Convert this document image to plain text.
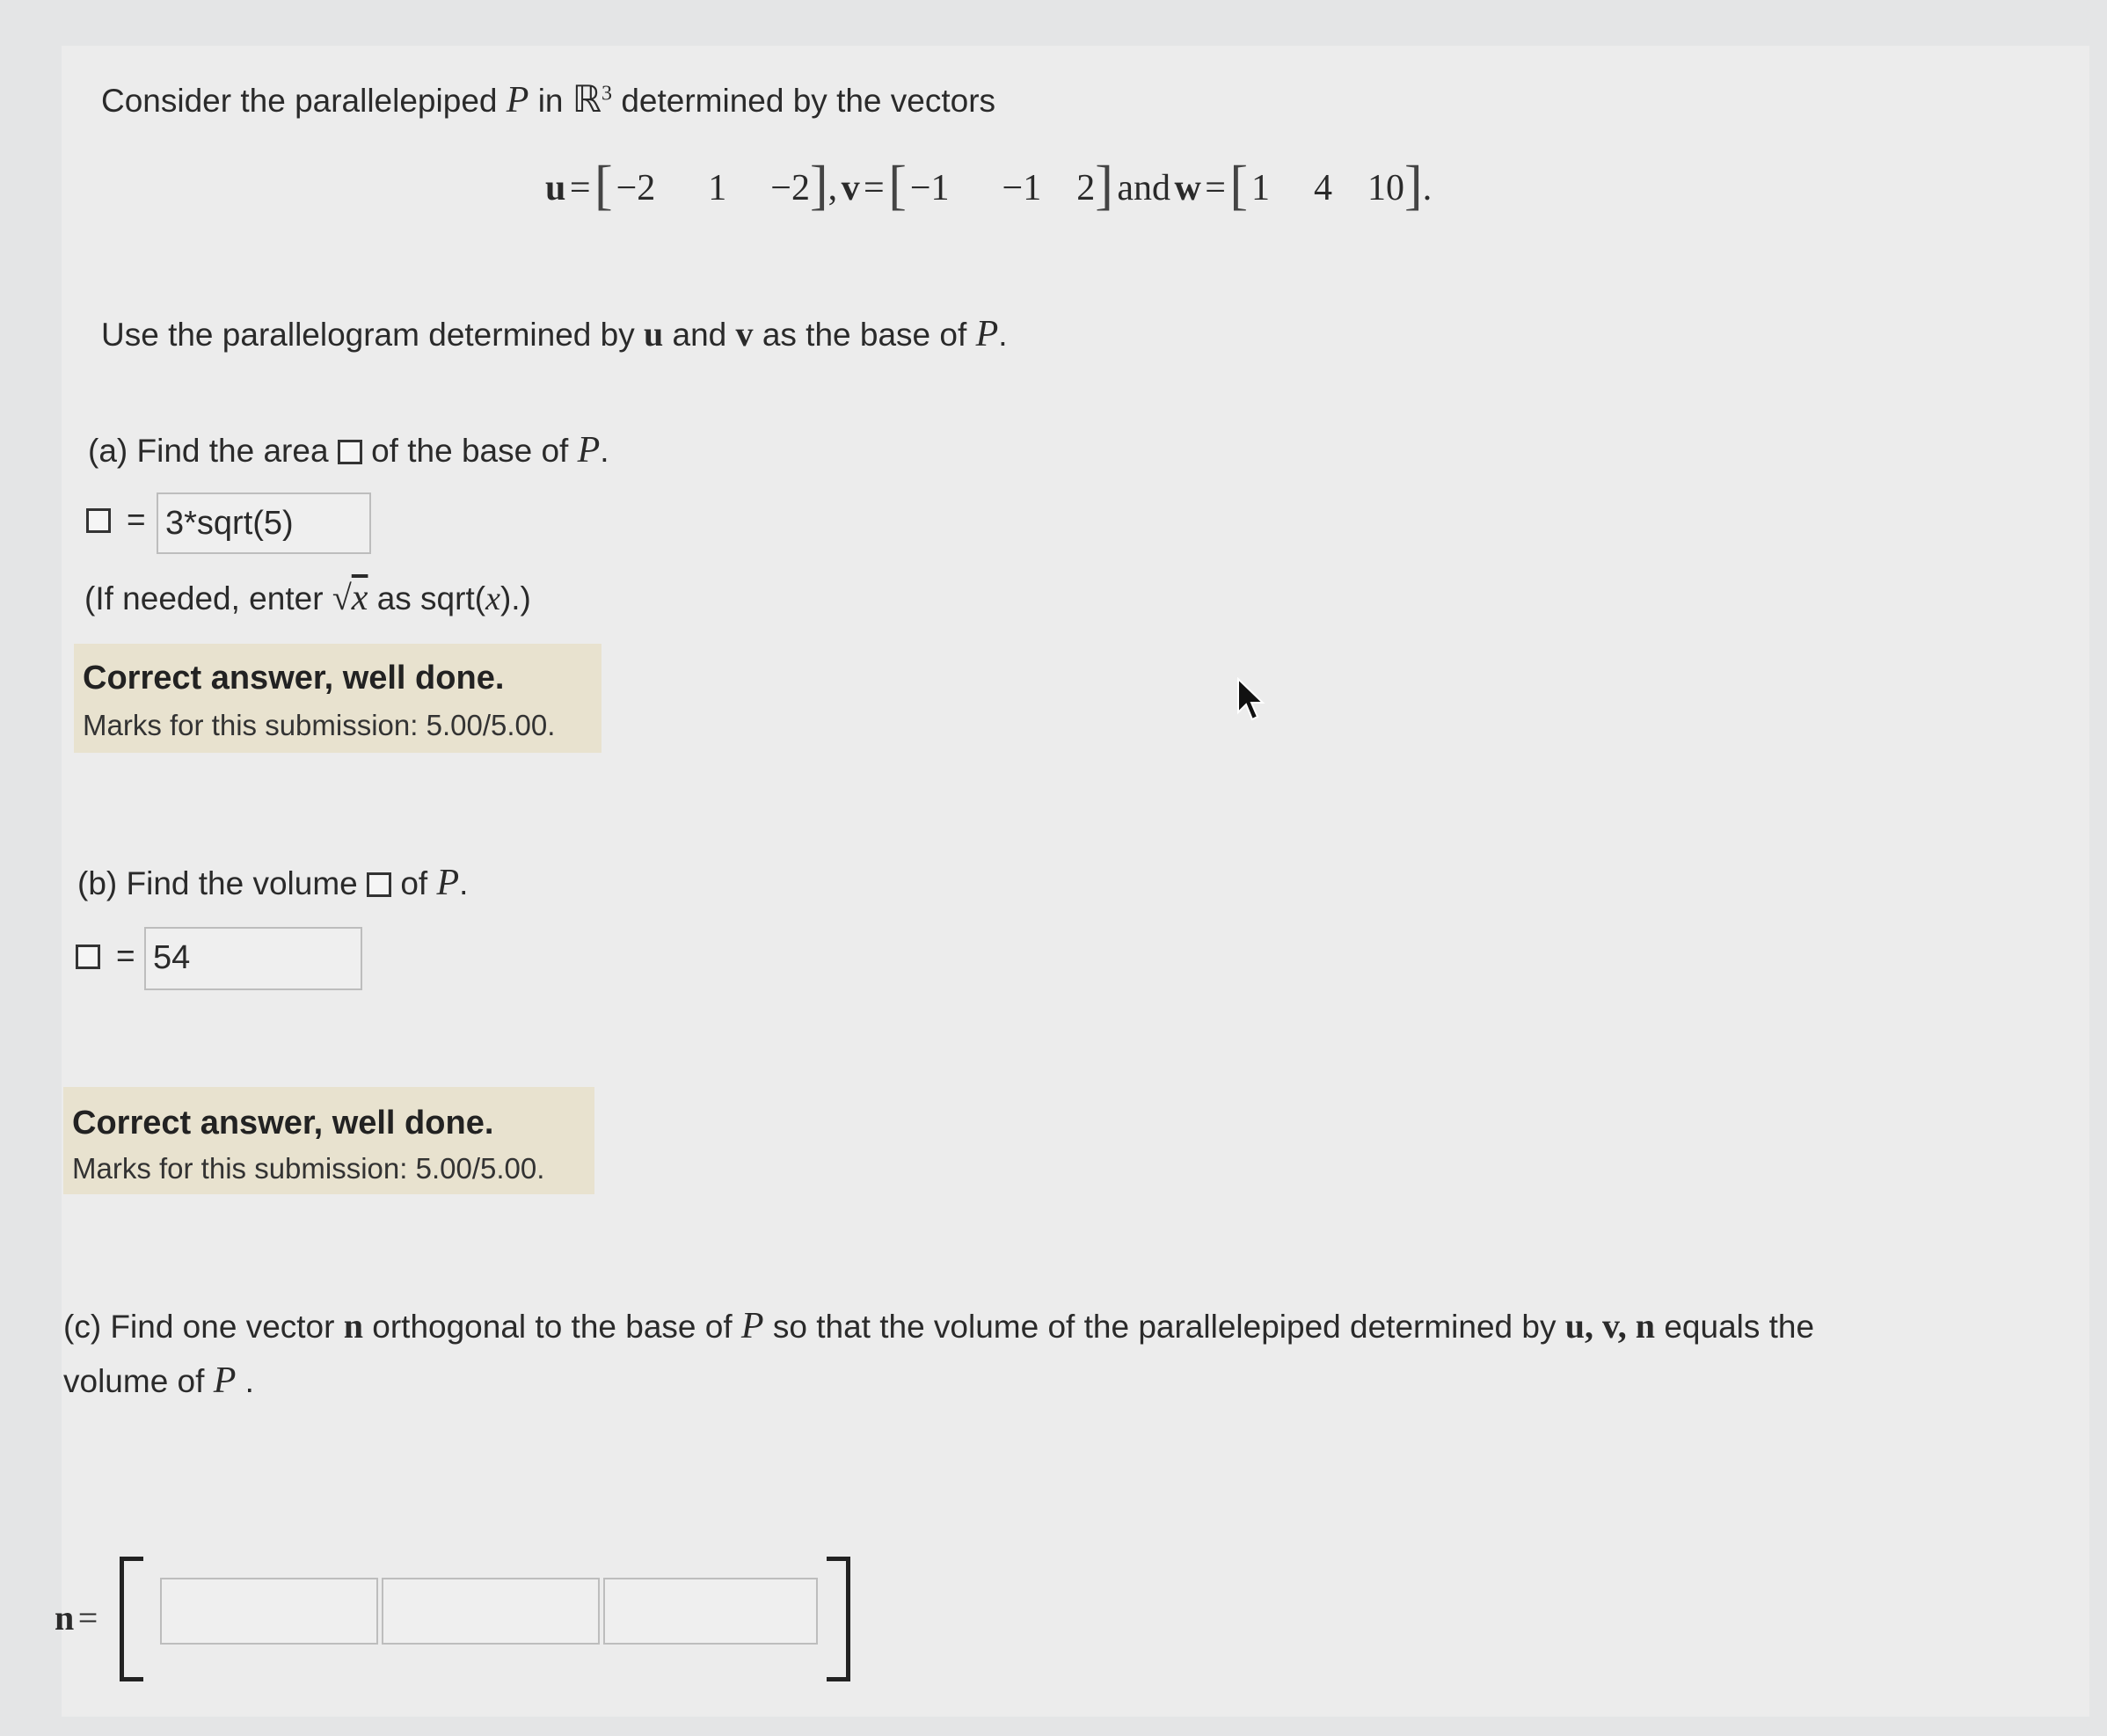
Consider the parallelepiped P in ℝ$^3$ determined by the vectors
u = [−2 1 −2], v = [−1 −1 2] and w = [1 4 10].
Use the parallelogram determined by u and v as the base of P.
(a) Find the area of the base of P.
= 3*sqrt(5)
(If needed, enter √x as sqrt(x).)
Correct answer, well done.
Marks for this submission: 5.00/5.00.
(b) Find the volume of P.
= 54
Correct answer, well done.
Marks for this submission: 5.00/5.00.
(c) Find one vector n orthogonal to the base of P so that the volume of the parallelepiped determined by u, v, n equals the
volume of P .
n =
